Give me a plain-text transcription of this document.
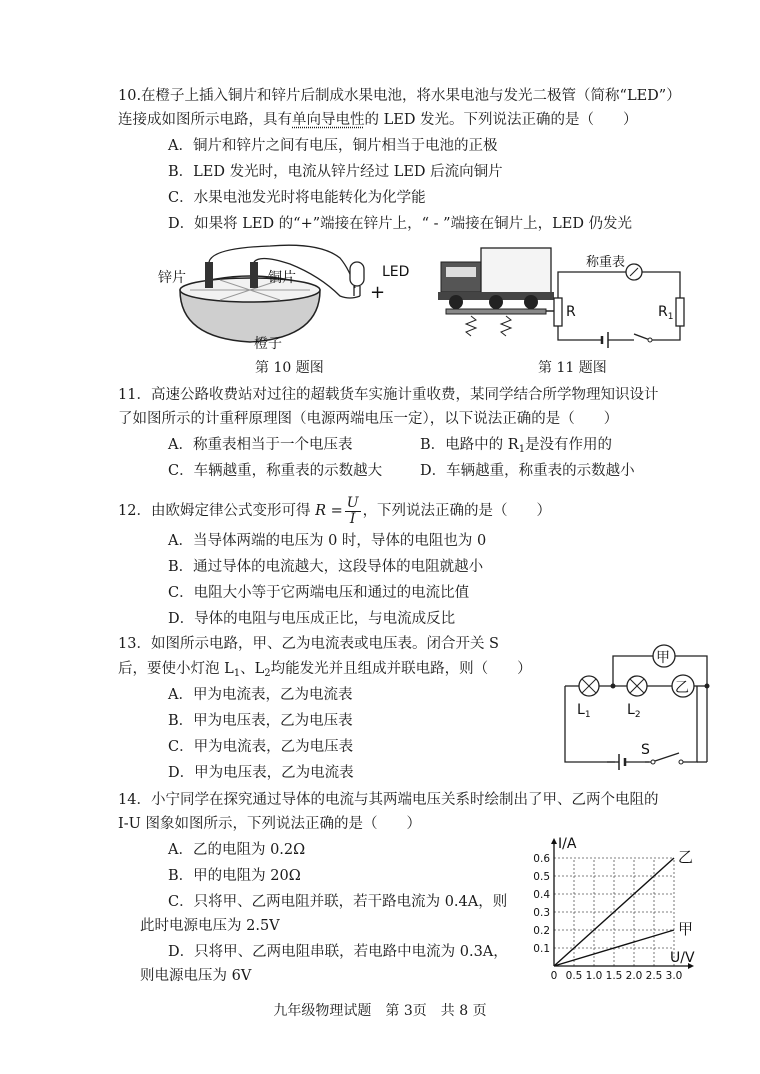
10.在橙子上插入铜片和锌片后制成水果电池，将水果电池与发光二极管（简称“LED”）
连接成如图所示电路，具有单向导电性的 LED 发光。下列说法正确的是（　　）
A．铜片和锌片之间有电压，铜片相当于电池的正极
B．LED 发光时，电流从锌片经过 LED 后流向铜片
C．水果电池发光时将电能转化为化学能
D．如果将 LED 的“+”端接在锌片上，“ - ”端接在铜片上，LED 仍发光
锌片	铜片
橙子
LED
+
第 10 题图
称重表
R	$R_1$
第 11 题图
11．高速公路收费站对过往的超载货车实施计重收费，某同学结合所学物理知识设计
了如图所示的计重秤原理图（电源两端电压一定），以下说法正确的是（　　）
A．称重表相当于一个电压表	B．电路中的 $R_1$是没有作用的
C．车辆越重，称重表的示数越大	D．车辆越重，称重表的示数越小
12．由欧姆定律公式变形可得 $R = \frac{U}{I}$ ，下列说法正确的是（　　）
A．当导体两端的电压为 0 时，导体的电阻也为 0
B．通过导体的电流越大，这段导体的电阻就越小
C．电阻大小等于它两端电压和通过的电流比值
D．导体的电阻与电压成正比，与电流成反比
13．如图所示电路，甲、乙为电流表或电压表。闭合开关 S
后，要使小灯泡 $L_1$、$L_2$均能发光并且组成并联电路，则（　　）
A．甲为电流表，乙为电流表
B．甲为电压表，乙为电压表
C．甲为电流表，乙为电压表
D．甲为电压表，乙为电流表
甲
乙
$L_1$	$L_2$
S
14．小宁同学在探究通过导体的电流与其两端电压关系时绘制出了甲、乙两个电阻的
I-U 图象如图所示，下列说法正确的是（　　）
A．乙的电阻为 0.2Ω
B．甲的电阻为 20Ω
C．只将甲、乙两电阻并联，若干路电流为 0.4A，则
此时电源电压为 2.5V
D．只将甲、乙两电阻串联，若电路中电流为 0.3A，
则电源电压为 6V	0 0.5 1.0 1.5 2.0 2.5 3.0
0.1
0.2
0.3
0.4
0.5
0.6	乙
甲
I/A
U/V
九年级物理试题　第 3页　共 8 页
